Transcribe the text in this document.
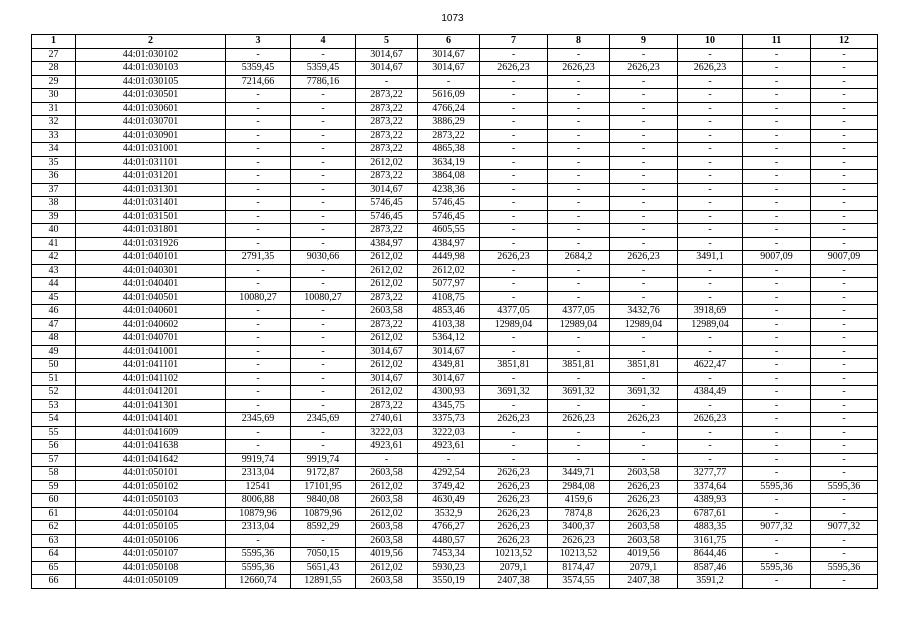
1073
1	2	3	4	5	6	7	8	9	10	11	12
27	44:01:030102	-	-	3014,67	3014,67	-	-	-	-	-	-
28	44:01:030103	5359,45	5359,45	3014,67	3014,67	2626,23	2626,23	2626,23	2626,23	-	-
29	44:01:030105	7214,66	7786,16	-	-	-	-	-	-	-	-
30	44:01:030501	-	-	2873,22	5616,09	-	-	-	-	-	-
31	44:01:030601	-	-	2873,22	4766,24	-	-	-	-	-	-
32	44:01:030701	-	-	2873,22	3886,29	-	-	-	-	-	-
33	44:01:030901	-	-	2873,22	2873,22	-	-	-	-	-	-
34	44:01:031001	-	-	2873,22	4865,38	-	-	-	-	-	-
35	44:01:031101	-	-	2612,02	3634,19	-	-	-	-	-	-
36	44:01:031201	-	-	2873,22	3864,08	-	-	-	-	-	-
37	44:01:031301	-	-	3014,67	4238,36	-	-	-	-	-	-
38	44:01:031401	-	-	5746,45	5746,45	-	-	-	-	-	-
39	44:01:031501	-	-	5746,45	5746,45	-	-	-	-	-	-
40	44:01:031801	-	-	2873,22	4605,55	-	-	-	-	-	-
41	44:01:031926	-	-	4384,97	4384,97	-	-	-	-	-	-
42	44:01:040101	2791,35	9030,66	2612,02	4449,98	2626,23	2684,2	2626,23	3491,1	9007,09	9007,09
43	44:01:040301	-	-	2612,02	2612,02	-	-	-	-	-	-
44	44:01:040401	-	-	2612,02	5077,97	-	-	-	-	-	-
45	44:01:040501	10080,27	10080,27	2873,22	4108,75	-	-	-	-	-	-
46	44:01:040601	-	-	2603,58	4853,46	4377,05	4377,05	3432,76	3918,69	-	-
47	44:01:040602	-	-	2873,22	4103,38	12989,04	12989,04	12989,04	12989,04	-	-
48	44:01:040701	-	-	2612,02	5364,12	-	-	-	-	-	-
49	44:01:041001	-	-	3014,67	3014,67	-	-	-	-	-	-
50	44:01:041101	-	-	2612,02	4349,81	3851,81	3851,81	3851,81	4622,47	-	-
51	44:01:041102	-	-	3014,67	3014,67	-	-	-	-	-	-
52	44:01:041201	-	-	2612,02	4300,93	3691,32	3691,32	3691,32	4384,49	-	-
53	44:01:041301	-	-	2873,22	4345,75	-	-	-	-	-	-
54	44:01:041401	2345,69	2345,69	2740,61	3375,73	2626,23	2626,23	2626,23	2626,23	-	-
55	44:01:041609	-	-	3222,03	3222,03	-	-	-	-	-	-
56	44:01:041638	-	-	4923,61	4923,61	-	-	-	-	-	-
57	44:01:041642	9919,74	9919,74	-	-	-	-	-	-	-	-
58	44:01:050101	2313,04	9172,87	2603,58	4292,54	2626,23	3449,71	2603,58	3277,77	-	-
59	44:01:050102	12541	17101,95	2612,02	3749,42	2626,23	2984,08	2626,23	3374,64	5595,36	5595,36
60	44:01:050103	8006,88	9840,08	2603,58	4630,49	2626,23	4159,6	2626,23	4389,93	-	-
61	44:01:050104	10879,96	10879,96	2612,02	3532,9	2626,23	7874,8	2626,23	6787,61	-	-
62	44:01:050105	2313,04	8592,29	2603,58	4766,27	2626,23	3400,37	2603,58	4883,35	9077,32	9077,32
63	44:01:050106	-	-	2603,58	4480,57	2626,23	2626,23	2603,58	3161,75	-	-
64	44:01:050107	5595,36	7050,15	4019,56	7453,34	10213,52	10213,52	4019,56	8644,46	-	-
65	44:01:050108	5595,36	5651,43	2612,02	5930,23	2079,1	8174,47	2079,1	8587,46	5595,36	5595,36
66	44:01:050109	12660,74	12891,55	2603,58	3550,19	2407,38	3574,55	2407,38	3591,2	-	-
